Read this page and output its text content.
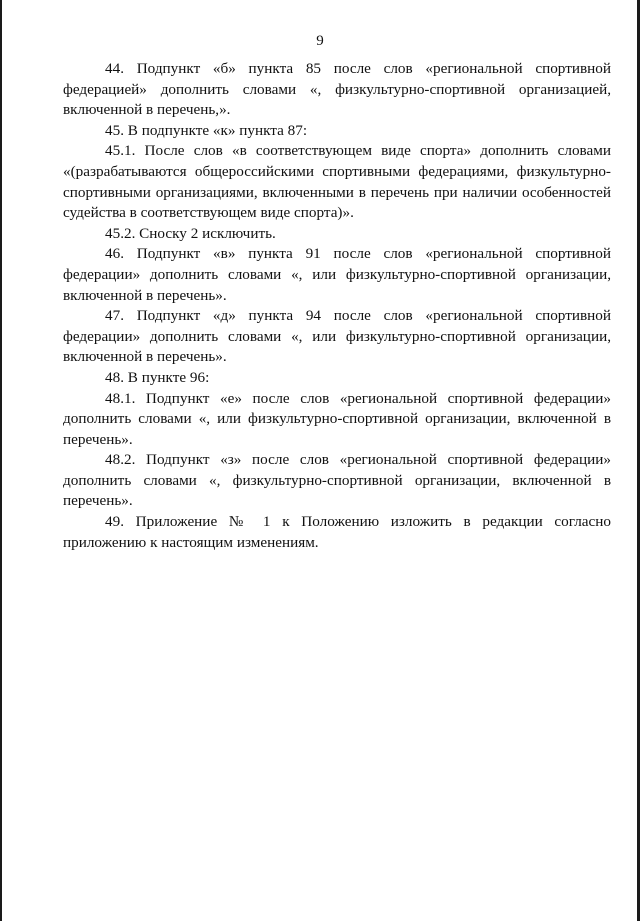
9

44. Подпункт «б» пункта 85 после слов «региональной спортивной федерацией» дополнить словами «, физкультурно-спортивной организацией, включенной в перечень,».

45. В подпункте «к» пункта 87:

45.1. После слов «в соответствующем виде спорта» дополнить словами «(разрабатываются общероссийскими спортивными федерациями, физкультурно-спортивными организациями, включенными в перечень при наличии особенностей судейства в соответствующем виде спорта)».

45.2. Сноску 2 исключить.

46. Подпункт «в» пункта 91 после слов «региональной спортивной федерации» дополнить словами «, или физкультурно-спортивной организации, включенной в перечень».

47. Подпункт «д» пункта 94 после слов «региональной спортивной федерации» дополнить словами «, или физкультурно-спортивной организации, включенной в перечень».

48. В пункте 96:

48.1. Подпункт «е» после слов «региональной спортивной федерации» дополнить словами «, или физкультурно-спортивной организации, включенной в перечень».

48.2. Подпункт «з» после слов «региональной спортивной федерации» дополнить словами «, физкультурно-спортивной организации, включенной в перечень».

49. Приложение № 1 к Положению изложить в редакции согласно приложению к настоящим изменениям.
